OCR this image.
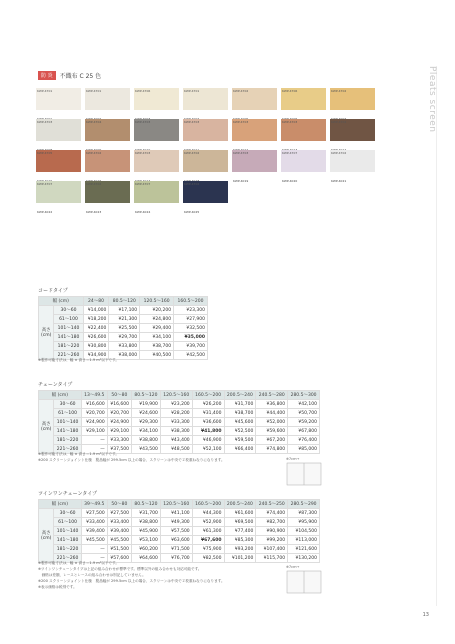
防 炎	不織布 C 25 色	Pleats screen
KWP-4701	KWP-4701	KWP-4706	KWP-4701	KWP-4702	KWP-4706	KWP-4702
KWP-4703	KWP-4704	KWP-4703	KWP-4703	KWP-4703	KWP-4703	KWP-4704
KWP-4705	KWP-4702	KWP-4703	KWP-4702	KWP-4703
KWP-4019
KWP-4707
KWP-4020
KWP-4702
KWP-4021
KWP-4707
KWP-4022
KWP-4702
KWP-4023
KWP-4707
KWP-4024
KWP-4702
KWP-4025
コードタイプ
幅 (cm)		24～80	80.5～120	120.5～160	160.5～200
高さ(cm)	30～60	¥14,000	¥17,100	¥20,200	¥23,300
	61～100	¥18,200	¥21,300	¥24,800	¥27,900
	101～140	¥22,400	¥25,500	¥29,400	¥32,500
	141～180	¥26,600	¥29,700	¥34,100	¥35,000
	181～220	¥30,800	¥33,800	¥38,700	¥39,700
	221～260	¥34,900	¥38,000	¥40,500	¥42,500
※製作可能寸法は、幅 × 高さ＝1.9 m²以下です。
チェーンタイプ
幅 (cm)		13～49.5	50～80	80.5～120	120.5～160	160.5～200	200.5～240	240.5～280	280.5～300
高さ(cm)	30～60	¥16,600	¥16,600	¥19,900	¥23,200	¥26,200	¥31,700	¥36,800	¥42,100
	61～100	¥20,700	¥20,700	¥24,600	¥28,200	¥31,400	¥38,700	¥44,400	¥50,700
	101～140	¥24,900	¥24,900	¥29,300	¥33,300	¥36,600	¥45,600	¥52,000	¥59,200
	141～180	¥29,100	¥29,100	¥34,100	¥38,300	¥41,800	¥52,500	¥59,600	¥67,800
	181～220	—	¥33,300	¥38,800	¥43,400	¥46,900	¥59,500	¥67,200	¥76,400
	221～260	—	¥37,500	¥43,500	¥48,500	¥52,100	¥66,400	¥74,800	¥85,000
※製作可能寸法は、幅 × 高さ＝1.9 m²以下です。
※200 スクリーンジョイント仕様　製品幅が 299.5cm 以上の場合、スクリーンは中央で２枚重ねなりになります。	※7cm→
ツインワンチェーンタイプ
幅 (cm)		39～49.5	50～80	80.5～120	120.5～160	160.5～200	200.5～240	240.5～250	280.5～290
高さ(cm)	30～60	¥27,500	¥27,500	¥31,700	¥41,100	¥44,300	¥61,600	¥74,400	¥87,300
	61～100	¥33,400	¥33,400	¥38,800	¥49,300	¥52,900	¥69,500	¥82,700	¥95,900
	101～140	¥39,400	¥39,400	¥45,900	¥57,500	¥61,300	¥77,400	¥90,900	¥104,500
	141～180	¥45,500	¥45,500	¥53,100	¥63,600	¥67,600	¥85,300	¥99,200	¥113,000
	181～220	—	¥51,500	¥60,200	¥71,500	¥75,900	¥93,200	¥107,400	¥121,600
	221～260	—	¥57,600	¥64,600	¥76,700	¥82,500	¥101,200	¥115,700	¥130,200
※製作可能寸法は、幅 × 高さ＝1.9 m²以下です。
※ツインワンチェーンタイプは上記の組み合わせが標準です。標準以外の組み合わせも対応可能です。
　価格は差額、レースとレースの組み合わせは別記していません。
※200 スクリーンジョイント仕様　製品幅が 299.5cm 以上の場合、スクリーンは中央で２枚重ねなりになります。
※表示価格は税別です。
※7cm→
13
